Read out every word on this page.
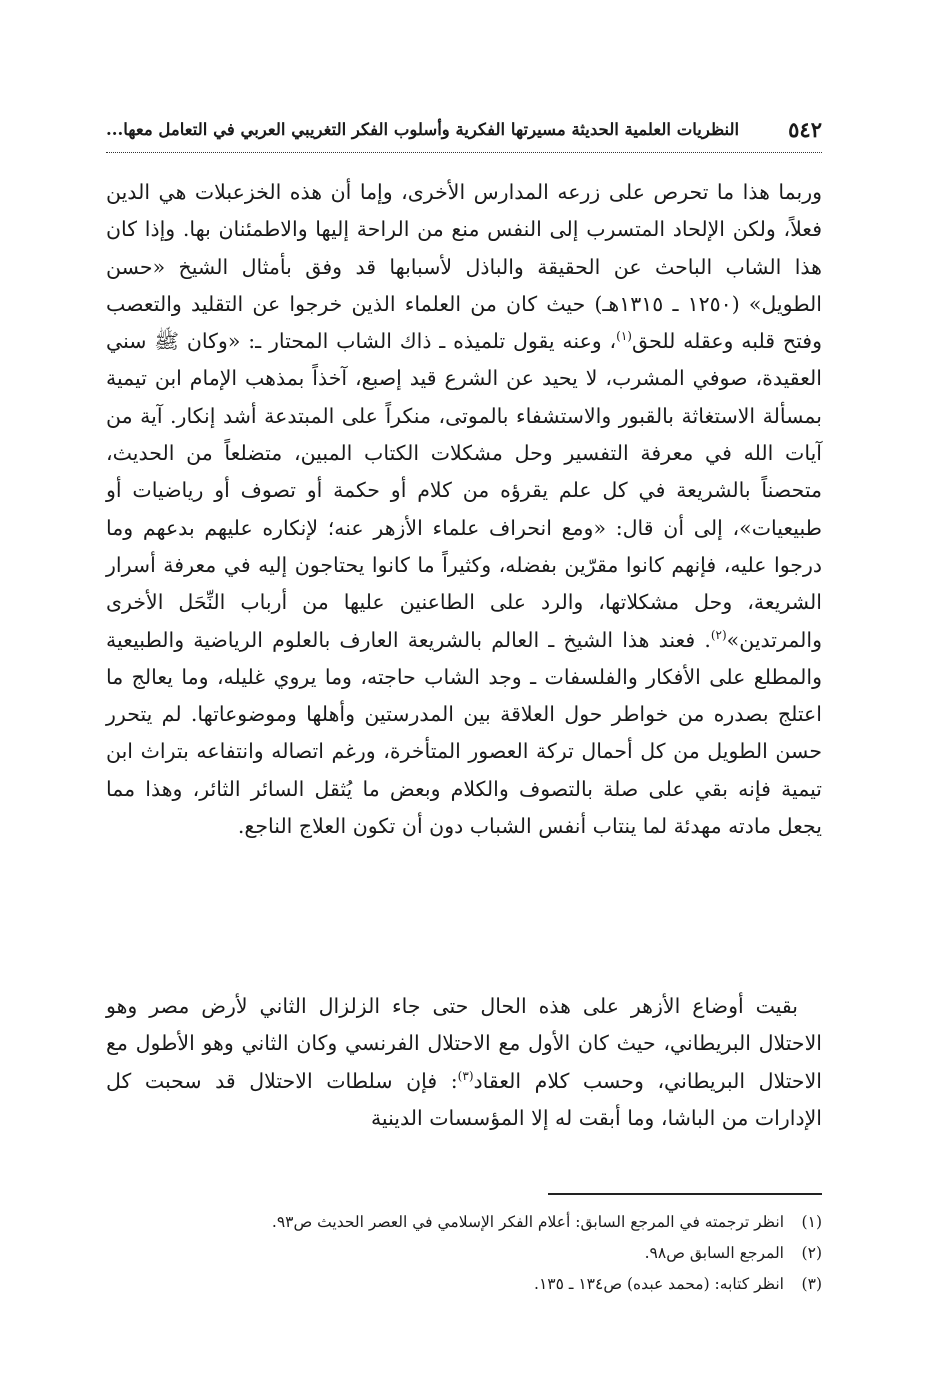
٥٤٢
النظريات العلمية الحديثة مسيرتها الفكرية وأسلوب الفكر التغريبي العربي في التعامل معها...

وربما هذا ما تحرص على زرعه المدارس الأخرى، وإما أن هذه الخزعبلات هي الدين فعلاً، ولكن الإلحاد المتسرب إلى النفس منع من الراحة إليها والاطمئنان بها. وإذا كان هذا الشاب الباحث عن الحقيقة والباذل لأسبابها قد وفق بأمثال الشيخ «حسن الطويل» (١٢٥٠ ـ ١٣١٥هـ) حيث كان من العلماء الذين خرجوا عن التقليد والتعصب وفتح قلبه وعقله للحق$^{(١)}$، وعنه يقول تلميذه ـ ذاك الشاب المحتار ـ: «وكان ﷺ سني العقيدة، صوفي المشرب، لا يحيد عن الشرع قيد إصبع، آخذاً بمذهب الإمام ابن تيمية بمسألة الاستغاثة بالقبور والاستشفاء بالموتى، منكراً على المبتدعة أشد إنكار. آية من آيات الله في معرفة التفسير وحل مشكلات الكتاب المبين، متضلعاً من الحديث، متحصناً بالشريعة في كل علم يقرؤه من كلام أو حكمة أو تصوف أو رياضيات أو طبيعيات»، إلى أن قال: «ومع انحراف علماء الأزهر عنه؛ لإنكاره عليهم بدعهم وما درجوا عليه، فإنهم كانوا مقرّين بفضله، وكثيراً ما كانوا يحتاجون إليه في معرفة أسرار الشريعة، وحل مشكلاتها، والرد على الطاعنين عليها من أرباب النِّحَل الأخرى والمرتدين»$^{(٢)}$. فعند هذا الشيخ ـ العالم بالشريعة العارف بالعلوم الرياضية والطبيعية والمطلع على الأفكار والفلسفات ـ وجد الشاب حاجته، وما يروي غليله، وما يعالج ما اعتلج بصدره من خواطر حول العلاقة بين المدرستين وأهلها وموضوعاتها. لم يتحرر حسن الطويل من كل أحمال تركة العصور المتأخرة، ورغم اتصاله وانتفاعه بتراث ابن تيمية فإنه بقي على صلة بالتصوف والكلام وبعض ما يُثقل السائر الثائر، وهذا مما يجعل مادته مهدئة لما ينتاب أنفس الشباب دون أن تكون العلاج الناجع.

بقيت أوضاع الأزهر على هذه الحال حتى جاء الزلزال الثاني لأرض مصر وهو الاحتلال البريطاني، حيث كان الأول مع الاحتلال الفرنسي وكان الثاني وهو الأطول مع الاحتلال البريطاني، وحسب كلام العقاد$^{(٣)}$: فإن سلطات الاحتلال قد سحبت كل الإدارات من الباشا، وما أبقت له إلا المؤسسات الدينية
(١)
انظر ترجمته في المرجع السابق: أعلام الفكر الإسلامي في العصر الحديث ص٩٣.
(٢)
المرجع السابق ص٩٨.
(٣)
انظر كتابه: (محمد عبده) ص١٣٤ ـ ١٣٥.
